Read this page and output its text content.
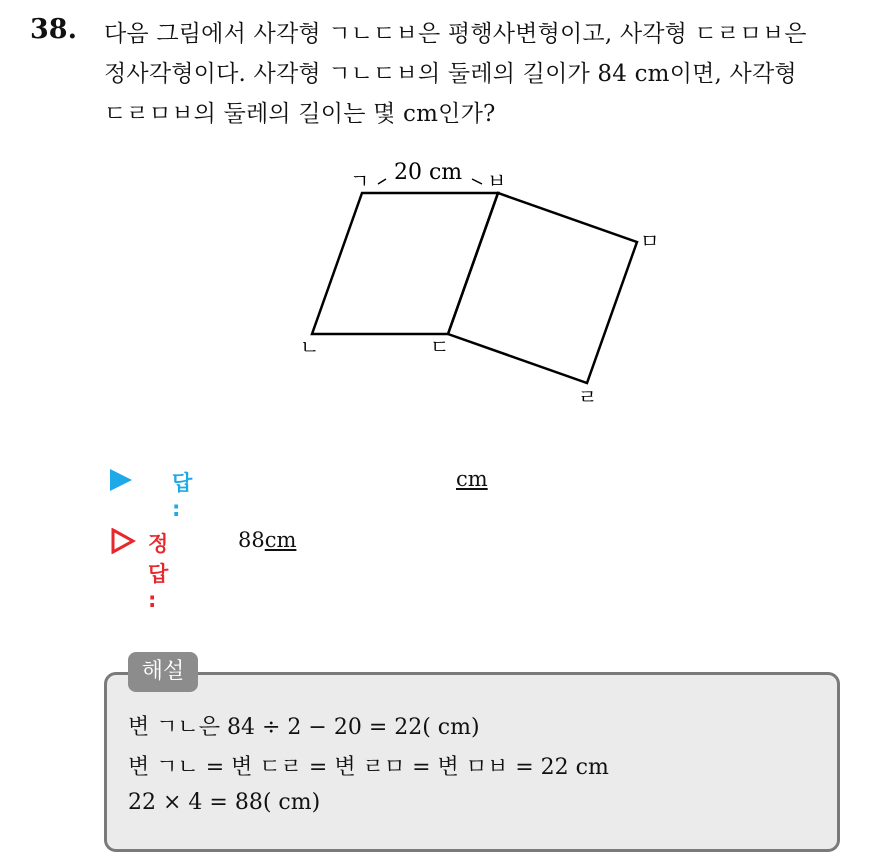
38. 다음 그림에서 사각형 ㄱㄴㄷㅂ은 평행사변형이고, 사각형 ㄷㄹㅁㅂ은
정사각형이다. 사각형 ㄱㄴㄷㅂ의 둘레의 길이가 84 cm이면, 사각형
ㄷㄹㅁㅂ의 둘레의 길이는 몇 cm인가?
ㄱ 20 cm ㅂ
ㄴ	ㄷ
ㅁ
ㄹ
답 :
cm
정답 :
88cm
해설
변 ㄱㄴ은 84 ÷ 2 − 20 = 22( cm)
변 ㄱㄴ = 변 ㄷㄹ = 변 ㄹㅁ = 변 ㅁㅂ = 22 cm
22 × 4 = 88( cm)
